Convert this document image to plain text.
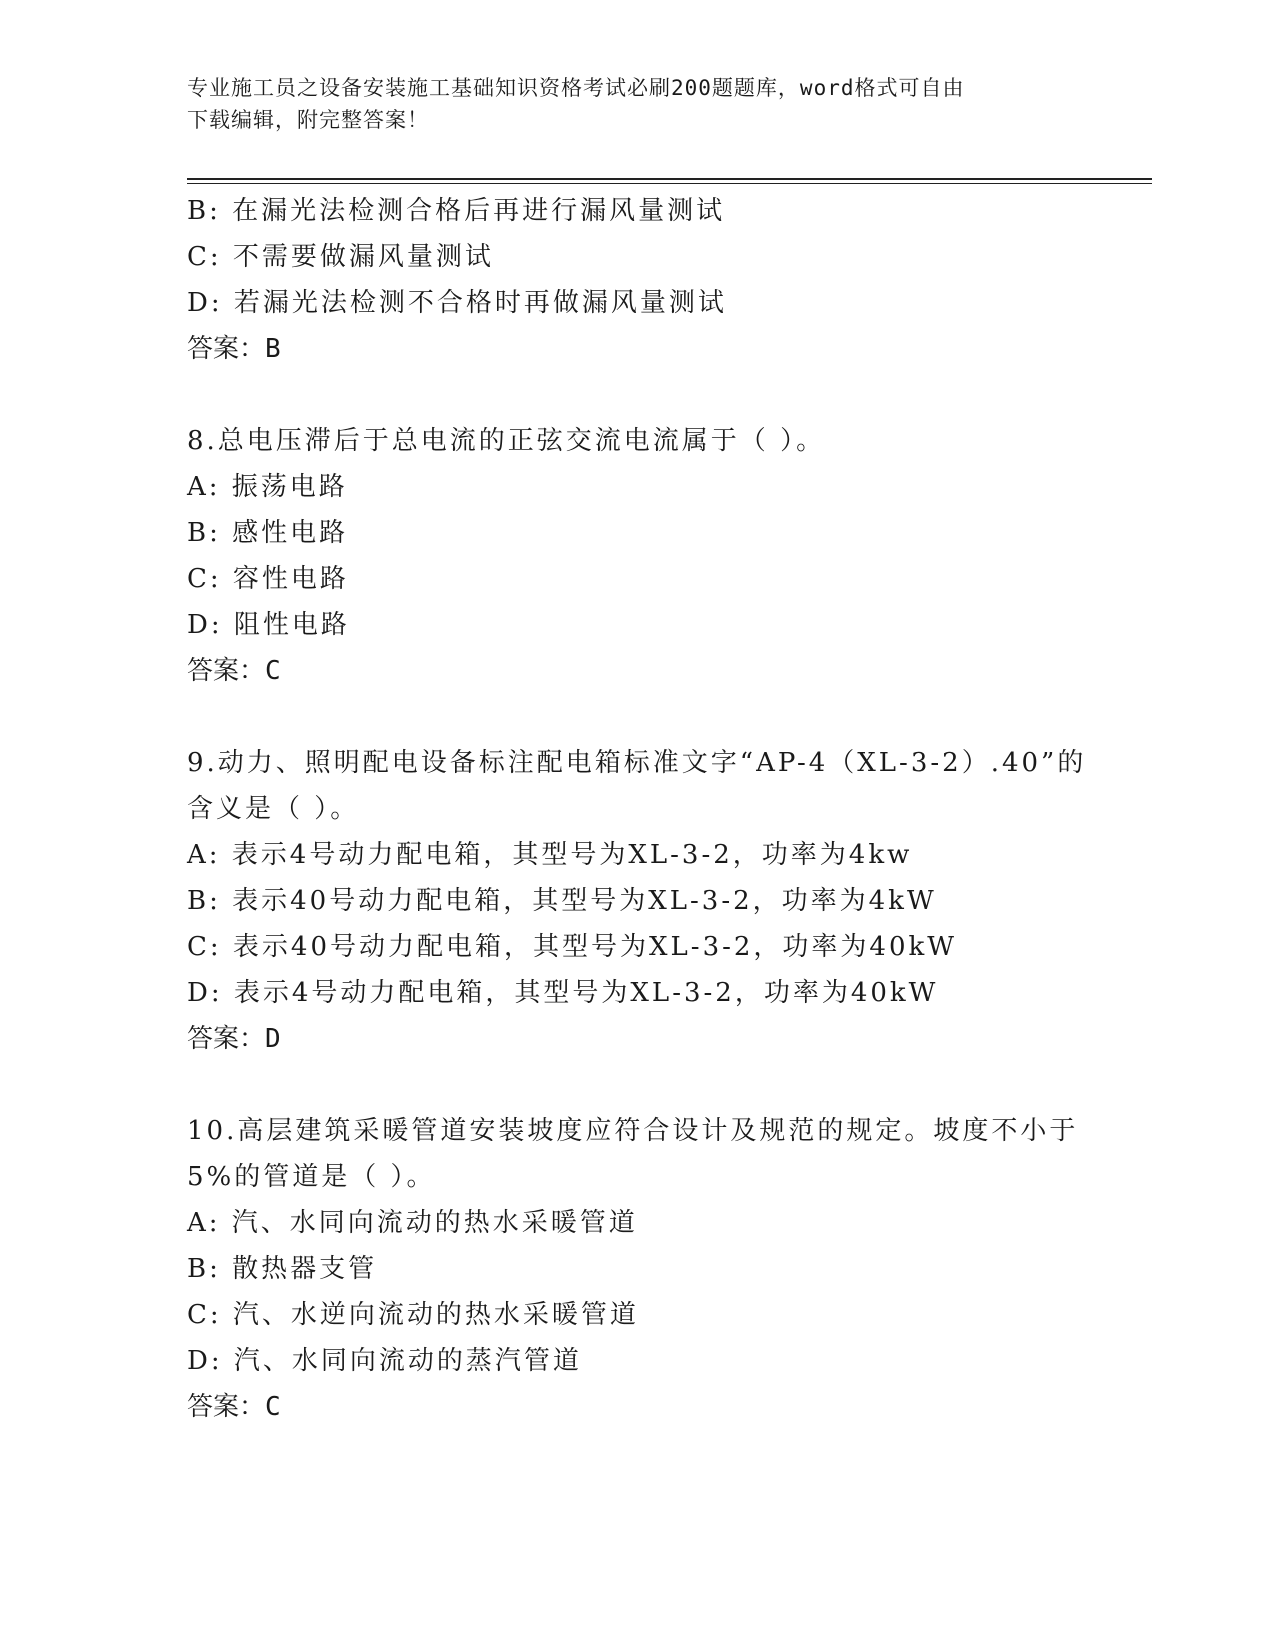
专业施工员之设备安装施工基础知识资格考试必刷200题题库，word格式可自由
下载编辑，附完整答案！
B: 在漏光法检测合格后再进行漏风量测试
C: 不需要做漏风量测试
D: 若漏光法检测不合格时再做漏风量测试
答案：B
8.总电压滞后于总电流的正弦交流电流属于（ ）。
A: 振荡电路
B: 感性电路
C: 容性电路
D: 阻性电路
答案：C
9.动力、照明配电设备标注配电箱标准文字“AP-4（XL-3-2）.40”的
含义是（ ）。
A: 表示4号动力配电箱，其型号为XL-3-2，功率为4kw
B: 表示40号动力配电箱，其型号为XL-3-2，功率为4kW
C: 表示40号动力配电箱，其型号为XL-3-2，功率为40kW
D: 表示4号动力配电箱，其型号为XL-3-2，功率为40kW
答案：D
10.高层建筑采暖管道安装坡度应符合设计及规范的规定。坡度不小于
5%的管道是（ ）。
A: 汽、水同向流动的热水采暖管道
B: 散热器支管
C: 汽、水逆向流动的热水采暖管道
D: 汽、水同向流动的蒸汽管道
答案：C
